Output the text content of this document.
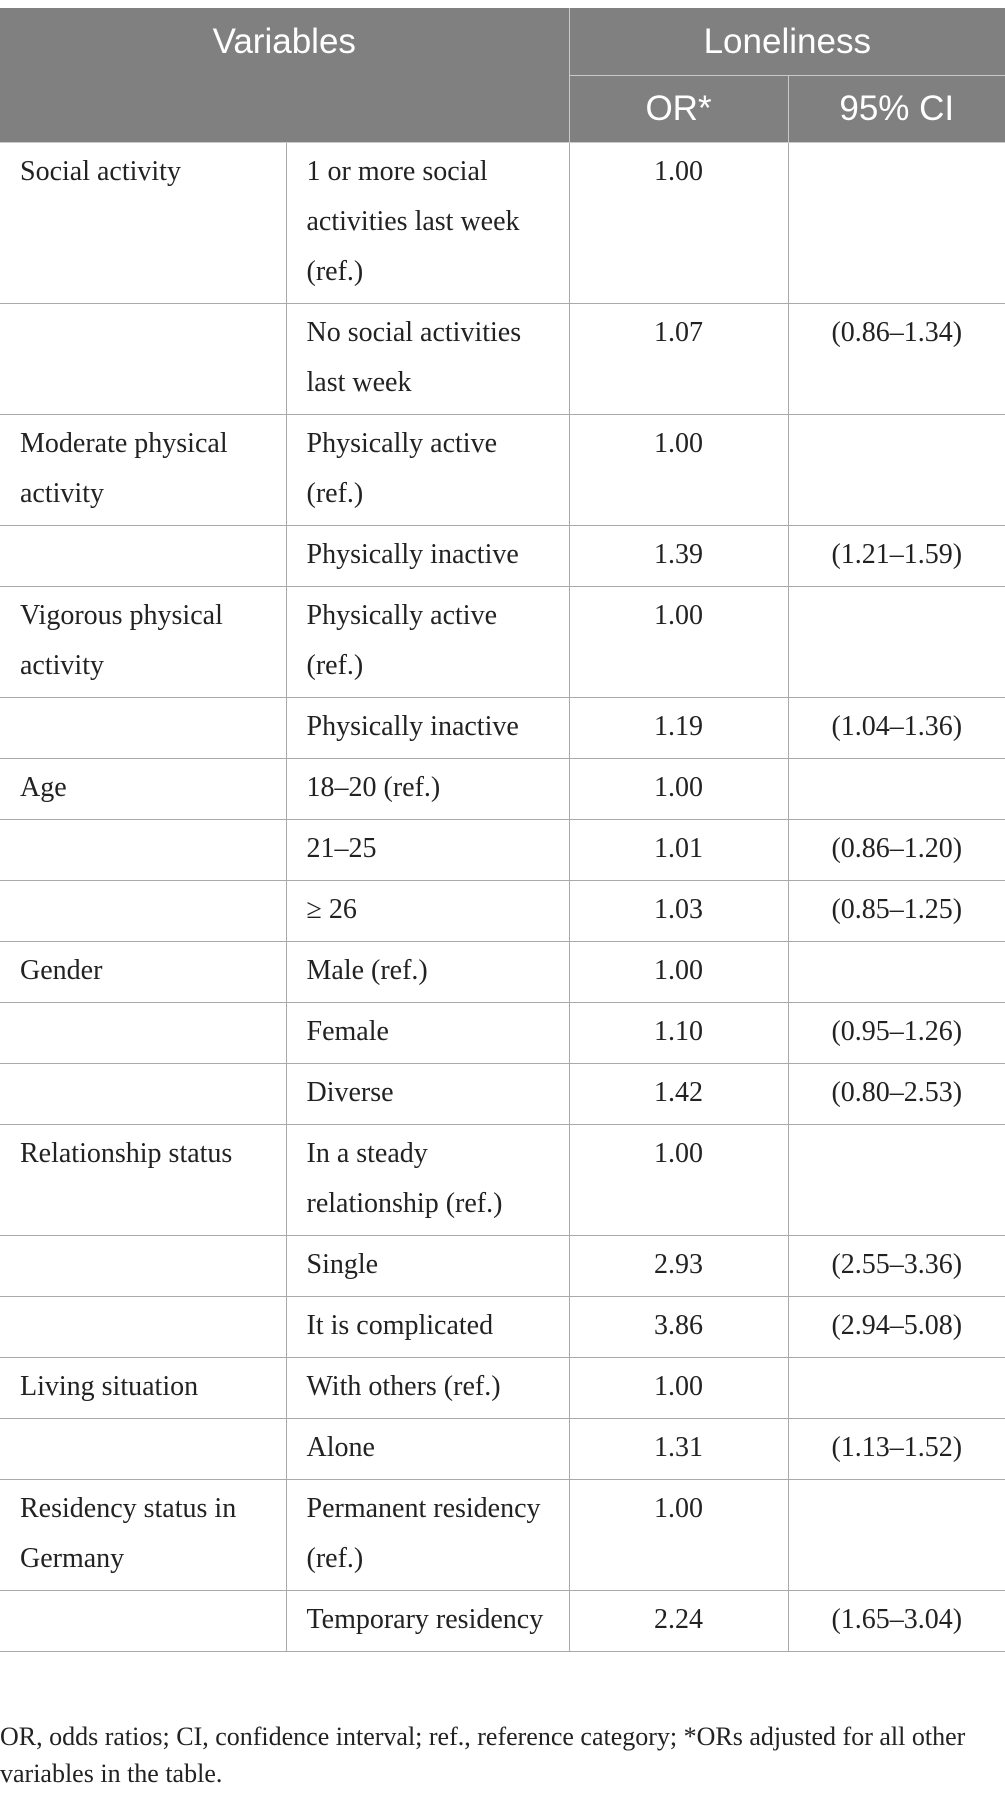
Variables		Loneliness	
		OR*	95% CI
Social activity	1 or more social activities last week (ref.)	1.00	
	No social activities last week	1.07	(0.86–1.34)
Moderate physical activity	Physically active (ref.)	1.00	
	Physically inactive	1.39	(1.21–1.59)
Vigorous physical activity	Physically active (ref.)	1.00	
	Physically inactive	1.19	(1.04–1.36)
Age	18–20 (ref.)	1.00	
	21–25	1.01	(0.86–1.20)
	≥ 26	1.03	(0.85–1.25)
Gender	Male (ref.)	1.00	
	Female	1.10	(0.95–1.26)
	Diverse	1.42	(0.80–2.53)
Relationship status	In a steady relationship (ref.)	1.00	
	Single	2.93	(2.55–3.36)
	It is complicated	3.86	(2.94–5.08)
Living situation	With others (ref.)	1.00	
	Alone	1.31	(1.13–1.52)
Residency status in Germany	Permanent residency (ref.)	1.00	
	Temporary residency	2.24	(1.65–3.04)
OR, odds ratios; CI, confidence interval; ref., reference category; *ORs adjusted for all other variables in the table.
